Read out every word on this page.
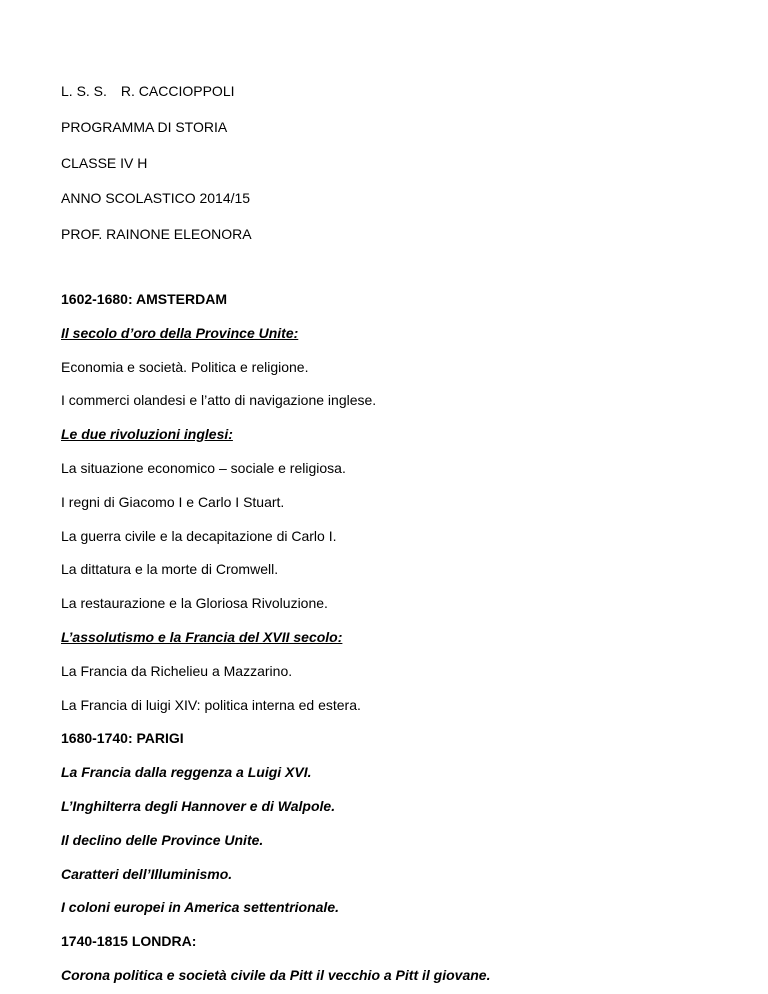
L. S. S. R. CACCIOPPOLI
PROGRAMMA DI STORIA
CLASSE IV H
ANNO SCOLASTICO 2014/15
PROF. RAINONE ELEONORA
1602-1680: AMSTERDAM
Il secolo d’oro della Province Unite:
Economia e società. Politica e religione.
I commerci olandesi e l’atto di navigazione inglese.
Le due rivoluzioni inglesi:
La situazione economico – sociale e religiosa.
I regni di Giacomo I e Carlo I Stuart.
La guerra civile e la decapitazione di Carlo I.
La dittatura e la morte di Cromwell.
La restaurazione e la Gloriosa Rivoluzione.
L’assolutismo e la Francia del XVII secolo:
La Francia da Richelieu a Mazzarino.
La Francia di luigi XIV: politica interna ed estera.
1680-1740: PARIGI
La Francia dalla reggenza a Luigi XVI.
L’Inghilterra degli Hannover e di Walpole.
Il declino delle Province Unite.
Caratteri dell’Illuminismo.
I coloni europei in America settentrionale.
1740-1815 LONDRA:
Corona politica e società civile da Pitt il vecchio a Pitt il giovane.
